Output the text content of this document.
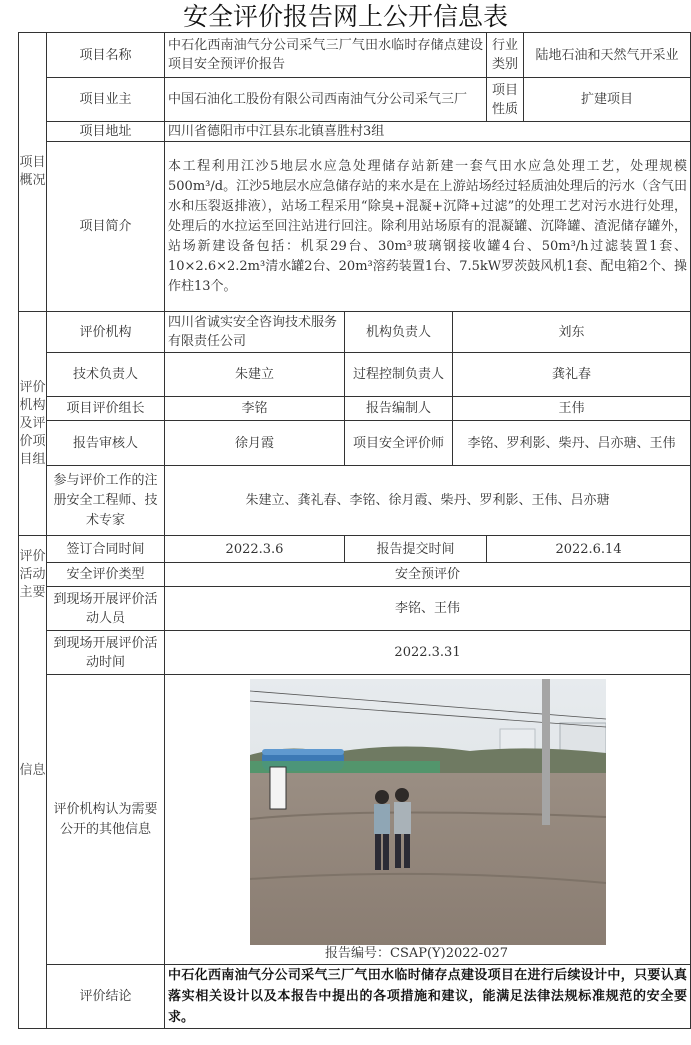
安全评价报告网上公开信息表
项目概况	项目名称	中石化西南油气分公司采气三厂气田水临时存储点建设项目安全预评价报告			行业类别	陆地石油和天然气开采业
	项目业主	中国石油化工股份有限公司西南油气分公司采气三厂			项目性质	扩建项目
	项目地址	四川省德阳市中江县东北镇喜胜村3组				
	项目简介	本工程利用江沙5地层水应急处理储存站新建一套气田水应急处理工艺，处理规模500m³/d。江沙5地层水应急储存站的来水是在上游站场经过轻质油处理后的污水（含气田水和压裂返排液），站场工程采用“除臭+混凝+沉降+过滤”的处理工艺对污水进行处理，处理后的水拉运至回注站进行回注。除利用站场原有的混凝罐、沉降罐、渣泥储存罐外，站场新建设备包括：机泵29台、30m³玻璃钢接收罐4台、50m³/h过滤装置1套、10×2.6×2.2m³清水罐2台、20m³溶药装置1台、7.5kW罗茨鼓风机1套、配电箱2个、操作柱13个。				
评价机构及评价项目组	评价机构	四川省诚实安全咨询技术服务有限责任公司	机构负责人	刘东		
	技术负责人	朱建立	过程控制负责人	龚礼春		
	项目评价组长	李铭	报告编制人	王伟		
	报告审核人	徐月霞	项目安全评价师	李铭、罗利影、柴丹、吕亦瑭、王伟		
	参与评价工作的注册安全工程师、技术专家	朱建立、龚礼春、李铭、徐月霞、柴丹、罗利影、王伟、吕亦瑭				

评价活动主要
信息	签订合同时间	2022.3.6	报告提交时间		2022.6.14	
	安全评价类型	安全预评价				
	到现场开展评价活动人员	李铭、王伟				
	到现场开展评价活动时间	2022.3.31				
	评价机构认为需要公开的其他信息	报告编号：CSAP(Y)2022-027				

	评价结论	中石化西南油气分公司采气三厂气田水临时储存点建设项目在进行后续设计中，只要认真落实相关设计以及本报告中提出的各项措施和建议，能满足法律法规标准规范的安全要求。				
